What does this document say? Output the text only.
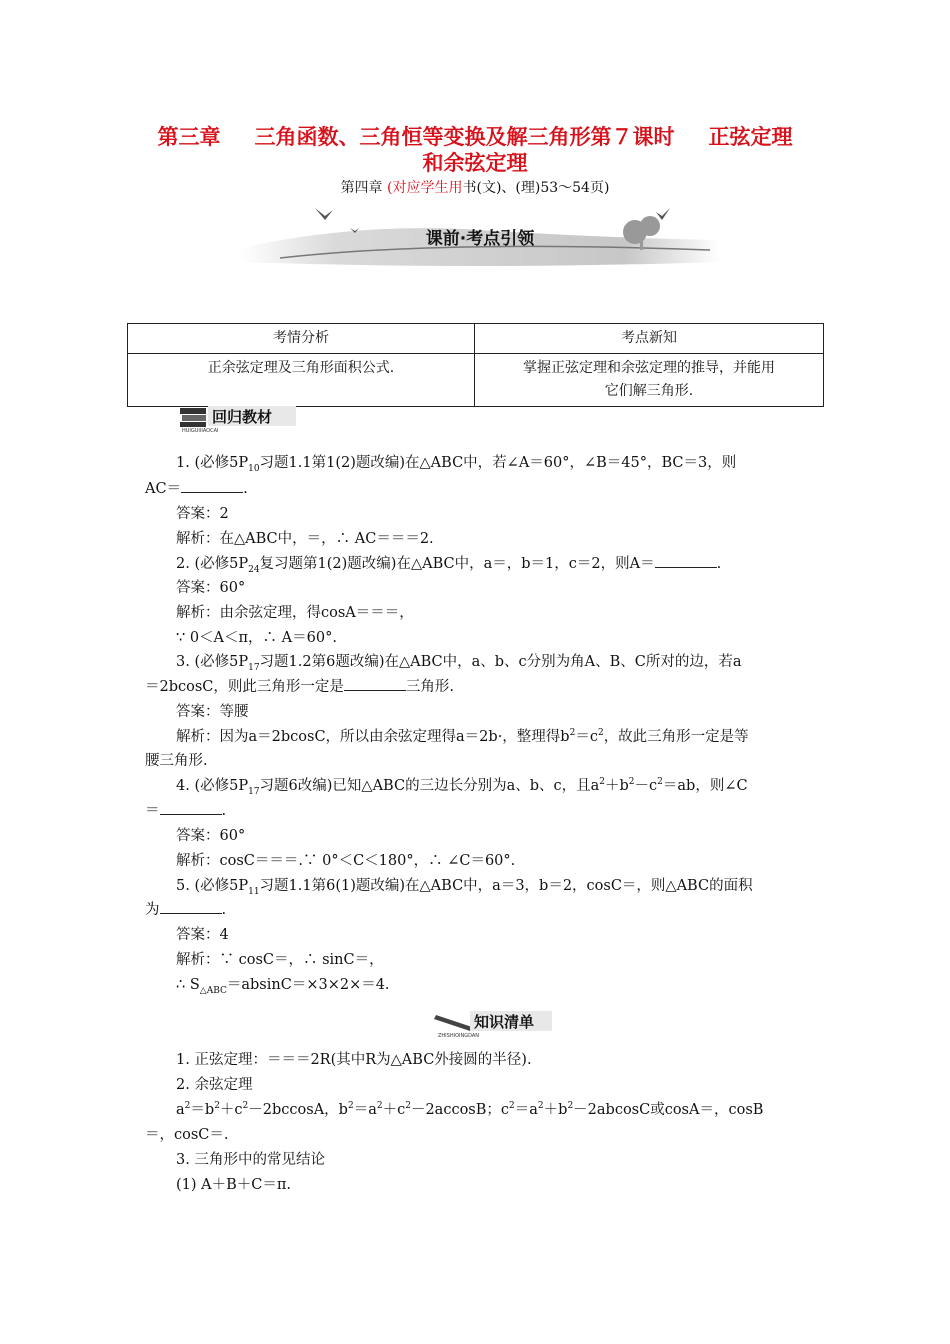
第三章 三角函数、三角恒等变换及解三角形第７课时 正弦定理
和余弦定理
第四章 (对应学生用书(文)、(理)53～54页)
课前·考点引领
考情分析	考点新知
正余弦定理及三角形面积公式.	掌握正弦定理和余弦定理的推导，并能用
它们解三角形.
回归教材
HUIGUIJIAOCAI
1. (必修$5P_{10}$习题1.1第1(2)题改编)在△ABC中，若∠A＝60°，∠B＝45°，BC＝3，则
AC＝	.
答案：2
解析：在△ABC中，＝，∴ AC＝＝＝2.
2. (必修$5P_{24}$复习题第1(2)题改编)在△ABC中，a＝，b＝1，c＝2，则A＝	.
答案：60°
解析：由余弦定理，得cosA＝＝＝，
∵ 0＜A＜π，∴ A＝60°.
3. (必修$5P_{17}$习题1.2第6题改编)在△ABC中，a、b、c分别为角A、B、C所对的边，若a
＝2bcosC，则此三角形一定是	三角形.
答案：等腰
解析：因为a＝2bcosC，所以由余弦定理得a＝2b·，整理得$b^2=c^2$，故此三角形一定是等
腰三角形.
4. (必修$5P_{17}$习题6改编)已知△ABC的三边长分别为a、b、c，且$a^2+b^2-c^2=ab$，则∠C
＝	.
答案：60°
解析：cosC＝＝＝.∵ 0°＜C＜180°，∴ ∠C＝60°.
5. (必修$5P_{11}$习题1.1第6(1)题改编)在△ABC中，a＝3，b＝2，cosC＝，则△ABC的面积
为	.
答案：4
解析：∵ cosC＝，∴ sinC＝，
∴ $S_{\triangle ABC}=absinC=\times 3\times 2\times=4$.
知识清单
ZHISHIQINGDAN
1. 正弦定理：＝＝＝2R(其中R为△ABC外接圆的半径).
2. 余弦定理
$a^2=b^2+c^2-2bccosA$，$b^2=a^2+c^2-2accosB$；$c^2=a^2+b^2-2abcosC$或cosA＝，cosB
＝，cosC＝.
3. 三角形中的常见结论
(1) A＋B＋C＝π.
